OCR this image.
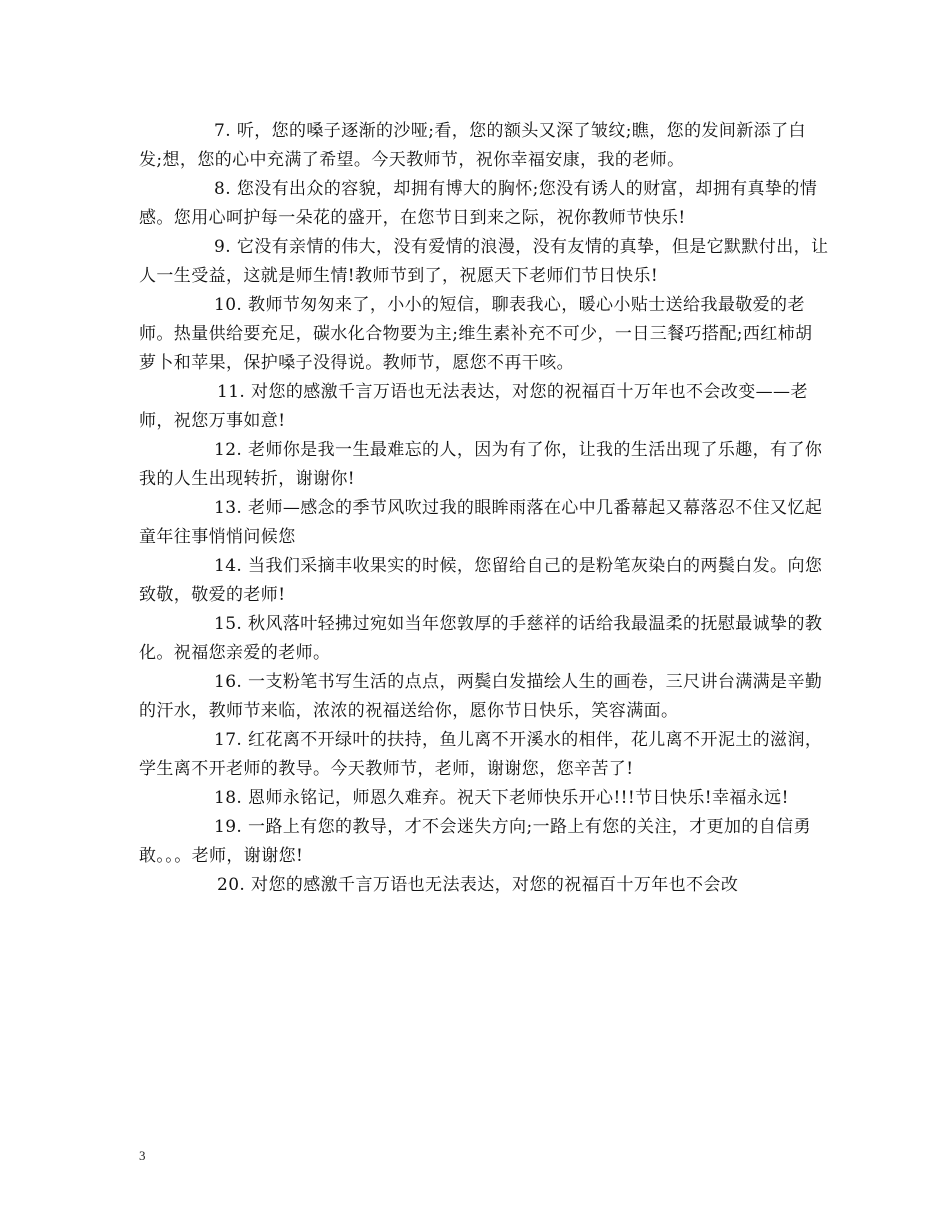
7. 听，您的嗓子逐渐的沙哑;看，您的额头又深了皱纹;瞧，您的发间新添了白发;想，您的心中充满了希望。今天教师节，祝你幸福安康，我的老师。

8. 您没有出众的容貌，却拥有博大的胸怀;您没有诱人的财富，却拥有真挚的情感。您用心呵护每一朵花的盛开，在您节日到来之际，祝你教师节快乐!

9. 它没有亲情的伟大，没有爱情的浪漫，没有友情的真挚，但是它默默付出，让人一生受益，这就是师生情!教师节到了，祝愿天下老师们节日快乐!

10. 教师节匆匆来了，小小的短信，聊表我心，暖心小贴士送给我最敬爱的老师。热量供给要充足，碳水化合物要为主;维生素补充不可少，一日三餐巧搭配;西红柿胡萝卜和苹果，保护嗓子没得说。教师节，愿您不再干咳。

11. 对您的感激千言万语也无法表达，对您的祝福百十万年也不会改变——老师，祝您万事如意!

12. 老师你是我一生最难忘的人，因为有了你，让我的生活出现了乐趣，有了你我的人生出现转折，谢谢你!

13. 老师—感念的季节风吹过我的眼眸雨落在心中几番幕起又幕落忍不住又忆起童年往事悄悄问候您

14. 当我们采摘丰收果实的时候，您留给自己的是粉笔灰染白的两鬓白发。向您致敬，敬爱的老师!

15. 秋风落叶轻拂过宛如当年您敦厚的手慈祥的话给我最温柔的抚慰最诚挚的教化。祝福您亲爱的老师。

16. 一支粉笔书写生活的点点，两鬓白发描绘人生的画卷，三尺讲台满满是辛勤的汗水，教师节来临，浓浓的祝福送给你，愿你节日快乐，笑容满面。

17. 红花离不开绿叶的扶持，鱼儿离不开溪水的相伴，花儿离不开泥土的滋润，学生离不开老师的教导。今天教师节，老师，谢谢您，您辛苦了!

18. 恩师永铭记，师恩久难弃。祝天下老师快乐开心!!!节日快乐!幸福永远!

19. 一路上有您的教导，才不会迷失方向;一路上有您的关注，才更加的自信勇敢。。。老师，谢谢您!

20. 对您的感激千言万语也无法表达，对您的祝福百十万年也不会改

3
